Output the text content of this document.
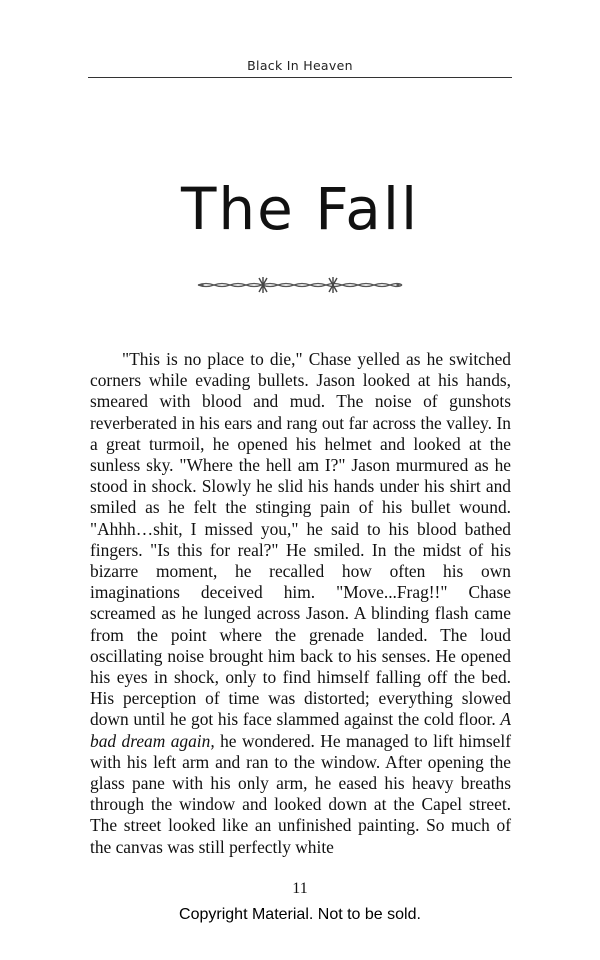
Black In Heaven
The Fall

"This is no place to die," Chase yelled as he switched corners while evading bullets. Jason looked at his hands, smeared with blood and mud. The noise of gunshots reverberated in his ears and rang out far across the valley. In a great turmoil, he opened his helmet and looked at the sunless sky. "Where the hell am I?" Jason murmured as he stood in shock. Slowly he slid his hands under his shirt and smiled as he felt the stinging pain of his bullet wound. "Ahhh…shit, I missed you," he said to his blood bathed fingers. "Is this for real?" He smiled. In the midst of his bizarre moment, he recalled how often his own imaginations deceived him. "Move...Frag!!" Chase screamed as he lunged across Jason. A blinding flash came from the point where the grenade landed. The loud oscillating noise brought him back to his senses. He opened his eyes in shock, only to find himself falling off the bed. His perception of time was distorted; everything slowed down until he got his face slammed against the cold floor. A bad dream again, he wondered. He managed to lift himself with his left arm and ran to the window. After opening the glass pane with his only arm, he eased his heavy breaths through the window and looked down at the Capel street. The street looked like an unfinished painting. So much of the canvas was still perfectly white

11
Copyright Material. Not to be sold.
